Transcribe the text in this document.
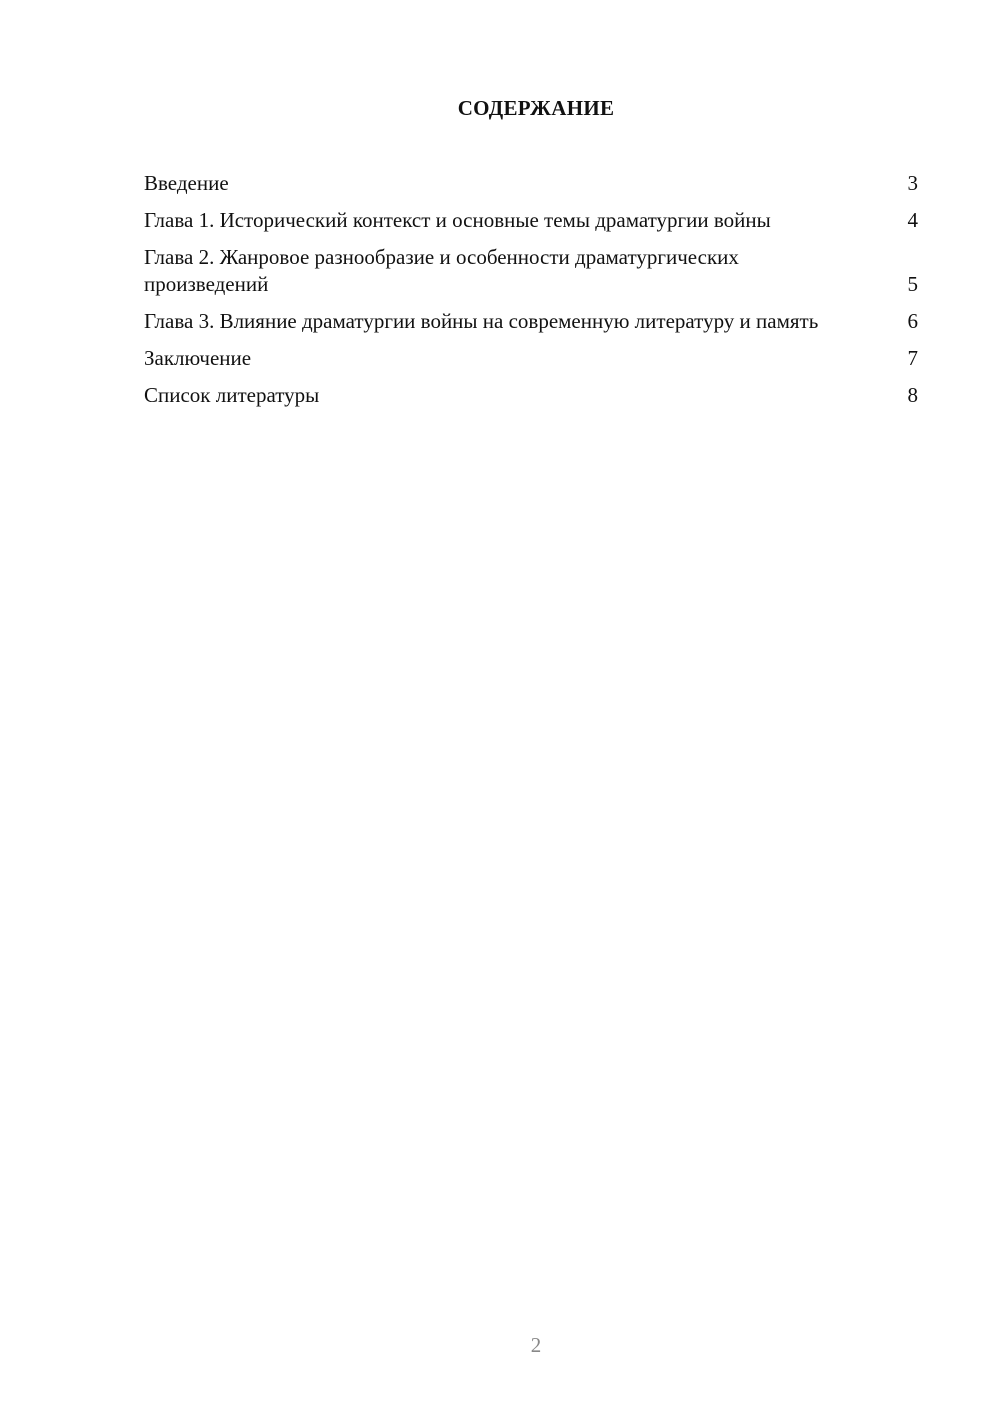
СОДЕРЖАНИЕ
Введение	3
Глава 1. Исторический контекст и основные темы драматургии войны	4
Глава 2. Жанровое разнообразие и особенности драматургических произведений	5
Глава 3. Влияние драматургии войны на современную литературу и память	6
Заключение	7
Список литературы	8
2
